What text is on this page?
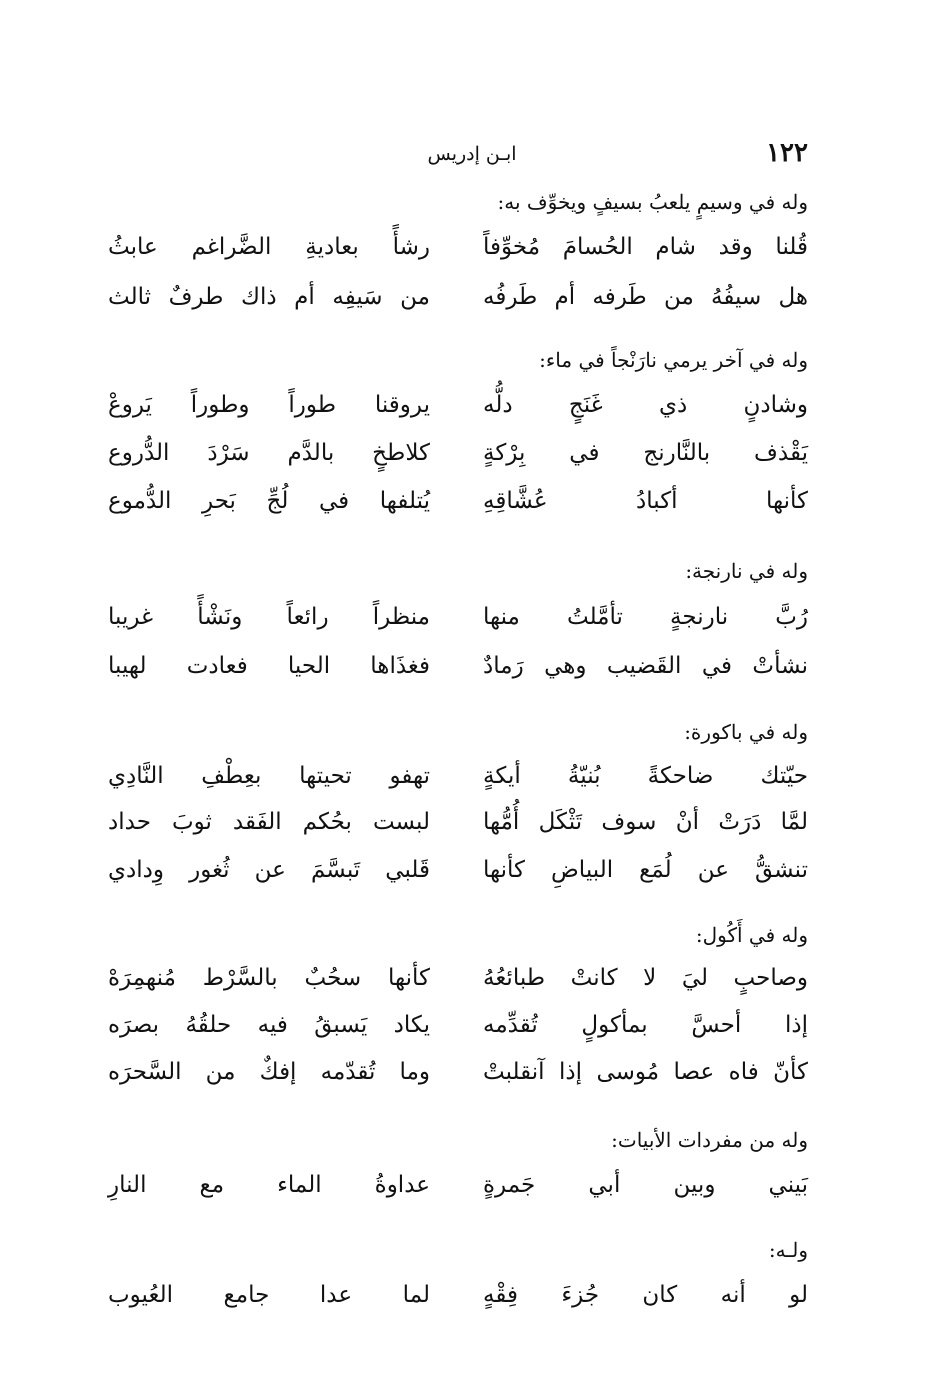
١٢٢
ابـن إدريس
وله في وسيمٍ يلعبُ بسيفٍ ويخوِّف به:
قُلنا وقد شام الحُسامَ مُخوِّفاً
رشأً بعاديةِ الضَّراغم عابثُ
هل سيفُهُ من طَرفه أم طَرفُه
من سَيفِه أم ذاك طرفٌ ثالث
وله في آخر يرمي نارَنْجاً في ماء:
وشادنٍ ذي غَنَجٍ دلُّه
يروقنا طوراً وطوراً يَروعْ
يَقْذف بالنَّارنج في بِرْكةٍ
كلاطخٍ بالدَّم سَرْدَ الدُّروع
كأنها أكبادُ عُشَّاقِهِ
يُتلفها في لُجِّ بَحرِ الدُّموع
وله في نارنجة:
رُبَّ نارنجةٍ تأمَّلتُ منها
منظراً رائعاً ونَشْأً غريبا
نشأتْ في القَضيب وهي رَمادٌ
فغذَاها الحيا فعادت لهيبا
وله في باكورة:
حيّتك ضاحكةً بُنيّةُ أيكةٍ
تهفو تحيتها بعِطْفِ النَّادِي
لمَّا دَرَتْ أنْ سوف تَثْكَل أُمُّها
لبست بحُكم الفَقد ثوبَ حداد
تنشقُّ عن لُمَع البياضِ كأنها
قَلبي تَبسَّمَ عن ثُغور وِدادي
وله في أَكُول:
وصاحبٍ ليَ لا كانتْ طبائعُهُ
كأنها سحُبٌ بالسَّرْط مُنهمِرَهْ
إذا أحسَّ بمأكولٍ تُقدِّمه
يكاد يَسبقُ فيه حلقُهُ بصرَه
كأنّ فاه عصا مُوسى إذا آنقلبتْ
وما تُقدّمه إفكٌ من السَّحرَه
وله من مفردات الأبيات:
بَيني وبين أبي جَمرةٍ
عداوةُ الماء مع النارِ
ولـه:
لو أنه كان جُزءَ فِقْهٍ
لما عدا جامع العُيوب
